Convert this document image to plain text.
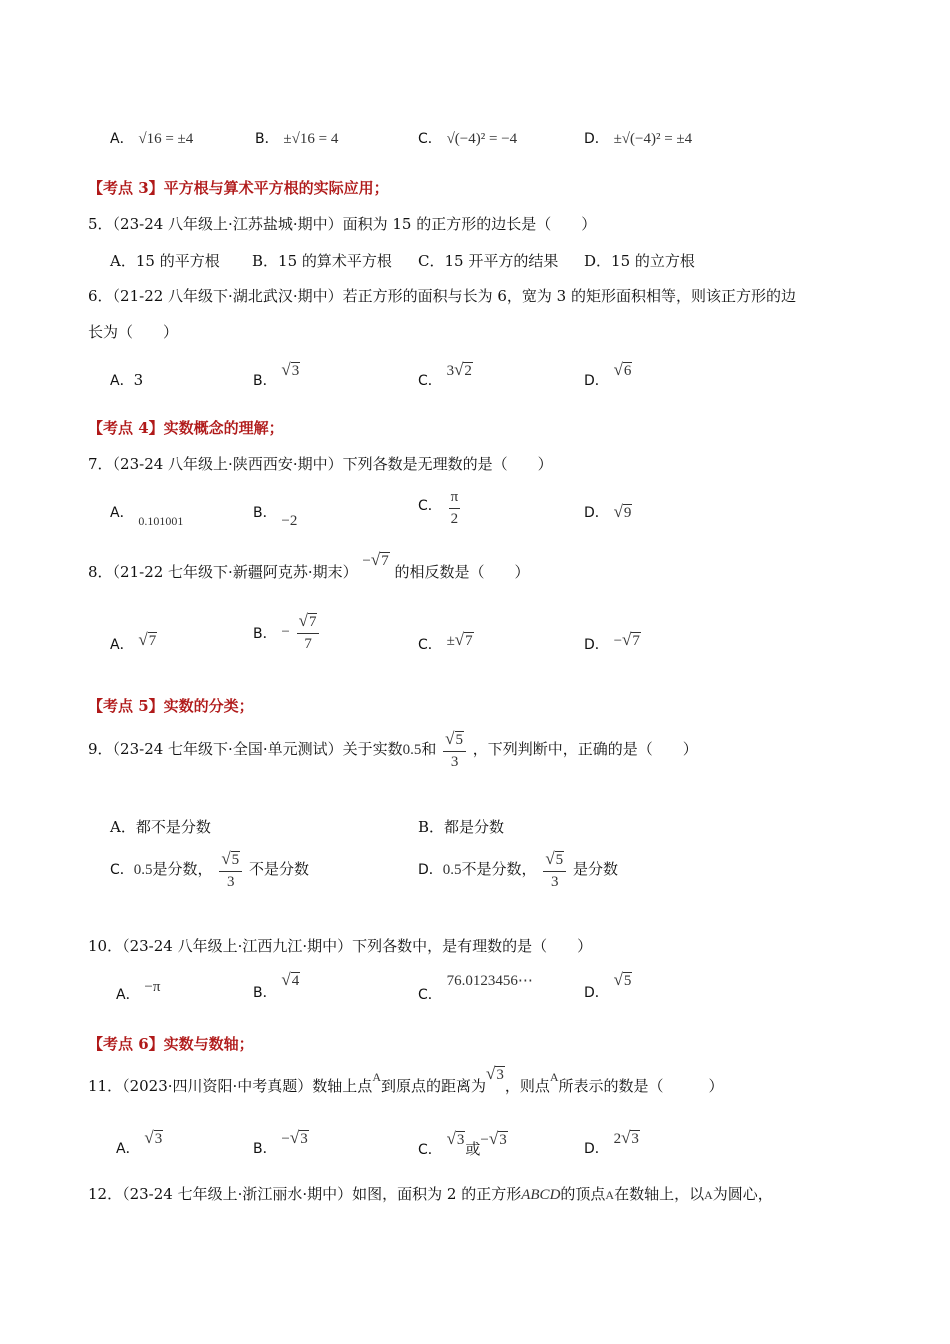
A． √16 = ±4	B． ±√16 = 4	C． √(−4)² = −4	D． ±√(−4)² = ±4
【考点 3】平方根与算术平方根的实际应用；
5．（23-24 八年级上·江苏盐城·期中）面积为 15 的正方形的边长是（　　）
A．15 的平方根 B．15 的算术平方根 C．15 开平方的结果 D．15 的立方根
6．（21-22 八年级下·湖北武汉·期中）若正方形的面积与长为 6，宽为 3 的矩形面积相等，则该正方形的边
长为（　　）
A．3	B． √3
C． 3√2
D． √6
【考点 4】实数概念的理解；
7．（23-24 八年级上·陕西西安·期中）下列各数是无理数的是（　　）
A． $_{0.101001}$	B． −2
C． $\frac{\pi}{2}$	D． √9
8．（21-22 七年级下·新疆阿克苏·期末） −√7 的相反数是（　　）
A． √7	B． − $\frac{√7}{7}$	C． ±√7	D． −√7
【考点 5】实数的分类；
9．（23-24 七年级下·全国·单元测试）关于实数0.5和 $\frac{√5}{3}$ ，下列判断中，正确的是（　　）
A．都不是分数	B．都是分数
C．0.5是分数， $\frac{√5}{3}$ 不是分数	D．0.5不是分数， $\frac{√5}{3}$ 是分数
10．（23-24 八年级上·江西九江·期中）下列各数中，是有理数的是（　　）
A． −π	B． √4
C． 76.0123456⋯
D． √5
【考点 6】实数与数轴；
11．（2023·四川资阳·中考真题）数轴上点$^A$到原点的距离为√3，则点$^A$所表示的数是（　　　）
A． √3
B． −√3
C． √3或−√3
D． 2√3
12．（23-24 七年级上·浙江丽水·期中）如图，面积为 2 的正方形ABCD的顶点A在数轴上，以A为圆心，
